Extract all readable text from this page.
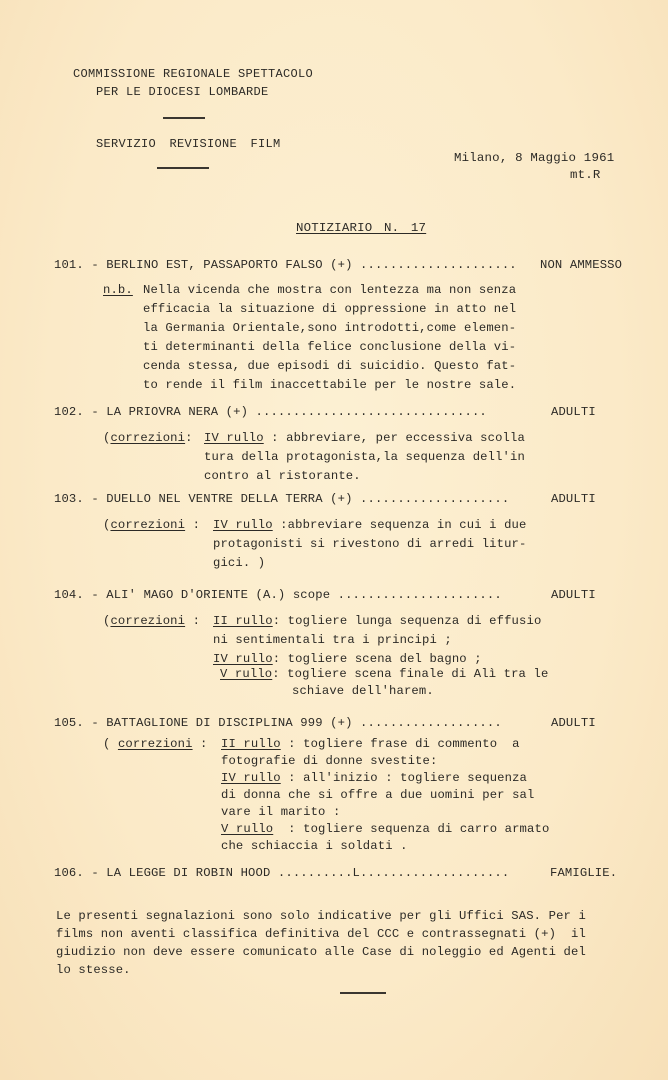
COMMISSIONE REGIONALE SPETTACOLO
PER LE DIOCESI LOMBARDE
SERVIZIO REVISIONE FILM
Milano, 8 Maggio 1961
mt.R
NOTIZIARIO N. 17
101. - BERLINO EST, PASSAPORTO FALSO (+) ..................... NON AMMESSO
n.b. Nella vicenda che mostra con lentezza ma non senza
efficacia la situazione di oppressione in atto nel
la Germania Orientale,sono introdotti,come elemen-
ti determinanti della felice conclusione della vi-
cenda stessa, due episodi di suicidio. Questo fat-
to rende il film inaccettabile per le nostre sale.
102. - LA PRIOVRA NERA (+) ...............................	ADULTI
(correzioni: IV rullo : abbreviare, per eccessiva scolla
tura della protagonista,la sequenza dell'in
contro al ristorante.
103. - DUELLO NEL VENTRE DELLA TERRA (+) ....................	ADULTI
(correzioni : IV rullo :abbreviare sequenza in cui i due
protagonisti si rivestono di arredi litur-
gici. )
104. - ALI' MAGO D'ORIENTE (A.) scope ......................	ADULTI
(correzioni : II rullo: togliere lunga sequenza di effusio
ni sentimentali tra i principi ;
IV rullo: togliere scena del bagno ;
V rullo: togliere scena finale di Alì tra le
schiave dell'harem.
105. - BATTAGLIONE DI DISCIPLINA 999 (+) ...................	ADULTI
( correzioni : II rullo : togliere frase di commento  a
fotografie di donne svestite:
IV rullo : all'inizio : togliere sequenza
di donna che si offre a due uomini per sal
vare il marito :
V rullo  : togliere sequenza di carro armato
che schiaccia i soldati .
106. - LA LEGGE DI ROBIN HOOD ..........L....................	FAMIGLIE.
Le presenti segnalazioni sono solo indicative per gli Uffici SAS. Per i
films non aventi classifica definitiva del CCC e contrassegnati (+)  il
giudizio non deve essere comunicato alle Case di noleggio ed Agenti del
lo stesse.
